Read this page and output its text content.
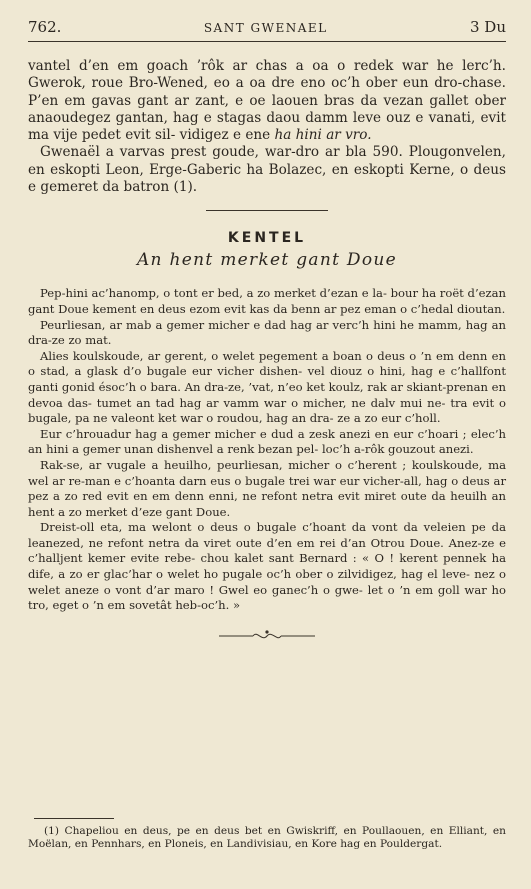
762.	SANT GWENAEL	3 Du

vantel d’en em goach ’rôk ar chas a oa o redek war he lerc’h. Gwerok, roue Bro-Wened, eo a oa dre eno oc’h ober eun dro-chase. P’en em gavas gant ar zant, e oe laouen bras da vezan gallet ober anaoudegez gantan, hag e stagas daou damm leve ouz e vanati, evit ma vije pedet evit sil- vidigez e ene ha hini ar vro.

Gwenaël a varvas prest goude, war-dro ar bla 590. Plougonvelen, en eskopti Leon, Erge-Gaberic ha Bolazec, en eskopti Kerne, o deus e gemeret da batron (1).

KENTEL
An hent merket gant Doue

Pep-hini ac’hanomp, o tont er bed, a zo merket d’ezan e la- bour ha roët d’ezan gant Doue kement en deus ezom evit kas da benn ar pez eman o c’hedal dioutan.

Peurliesan, ar mab a gemer micher e dad hag ar verc’h hini he mamm, hag an dra-ze zo mat.

Alies koulskoude, ar gerent, o welet pegement a boan o deus o ’n em denn en o stad, a glask d’o bugale eur vicher dishen- vel diouz o hini, hag e c’hallfont ganti gonid ésoc’h o bara. An dra-ze, ’vat, n’eo ket koulz, rak ar skiant-prenan en devoa das- tumet an tad hag ar vamm war o micher, ne dalv mui ne- tra evit o bugale, pa ne valeont ket war o roudou, hag an dra- ze a zo eur c’holl.

Eur c’hrouadur hag a gemer micher e dud a zesk anezi en eur c’hoari ; elec’h an hini a gemer unan dishenvel a renk bezan pel- loc’h a-rôk gouzout anezi.

Rak-se, ar vugale a heuilho, peurliesan, micher o c’herent ; koulskoude, ma wel ar re-man e c’hoanta darn eus o bugale trei war eur vicher-all, hag o deus ar pez a zo red evit en em denn enni, ne refont netra evit miret oute da heuilh an hent a zo merket d’eze gant Doue.

Dreist-oll eta, ma welont o deus o bugale c’hoant da vont da veleien pe da leanezed, ne refont netra da viret oute d’en em rei d’an Otrou Doue. Anez-ze e c’halljent kemer evite rebe- chou kalet sant Bernard : « O ! kerent pennek ha dife, a zo er glac’har o welet ho pugale oc’h ober o zilvidigez, hag el leve- nez o welet aneze o vont d’ar maro ! Gwel eo ganec’h o gwe- let o ’n em goll war ho tro, eget o ’n em sovetât heb-oc’h. »

(1) Chapeliou en deus, pe en deus bet en Gwiskriff, en Poullaouen, en Elliant, en Moëlan, en Pennhars, en Ploneis, en Landivisiau, en Kore hag en Pouldergat.
